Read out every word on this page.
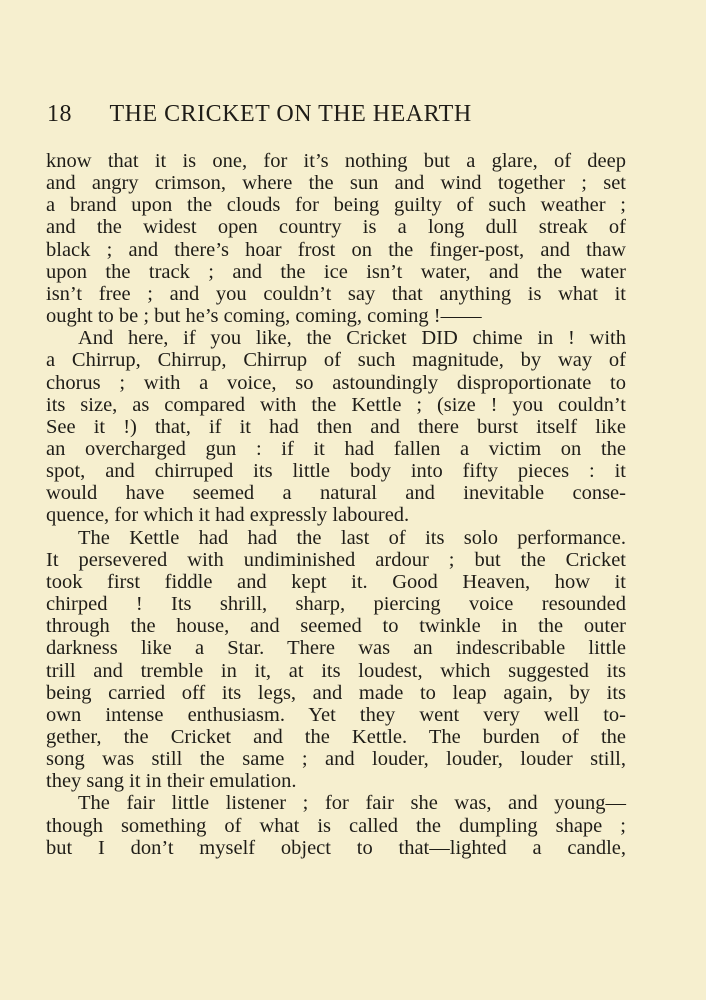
18 THE CRICKET ON THE HEARTH
know that it is one, for it’s nothing but a glare, of deep
and angry crimson, where the sun and wind together ; set
a brand upon the clouds for being guilty of such weather ;
and the widest open country is a long dull streak of
black ; and there’s hoar frost on the finger-post, and thaw
upon the track ; and the ice isn’t water, and the water
isn’t free ; and you couldn’t say that anything is what it
ought to be ; but he’s coming, coming, coming !——
And here, if you like, the Cricket DID chime in ! with
a Chirrup, Chirrup, Chirrup of such magnitude, by way of
chorus ; with a voice, so astoundingly disproportionate to
its size, as compared with the Kettle ; (size ! you couldn’t
See it !) that, if it had then and there burst itself like
an overcharged gun : if it had fallen a victim on the
spot, and chirruped its little body into fifty pieces : it
would have seemed a natural and inevitable conse-
quence, for which it had expressly laboured.
The Kettle had had the last of its solo performance.
It persevered with undiminished ardour ; but the Cricket
took first fiddle and kept it. Good Heaven, how it
chirped ! Its shrill, sharp, piercing voice resounded
through the house, and seemed to twinkle in the outer
darkness like a Star. There was an indescribable little
trill and tremble in it, at its loudest, which suggested its
being carried off its legs, and made to leap again, by its
own intense enthusiasm. Yet they went very well to-
gether, the Cricket and the Kettle. The burden of the
song was still the same ; and louder, louder, louder still,
they sang it in their emulation.
The fair little listener ; for fair she was, and young—
though something of what is called the dumpling shape ;
but I don’t myself object to that—lighted a candle,
